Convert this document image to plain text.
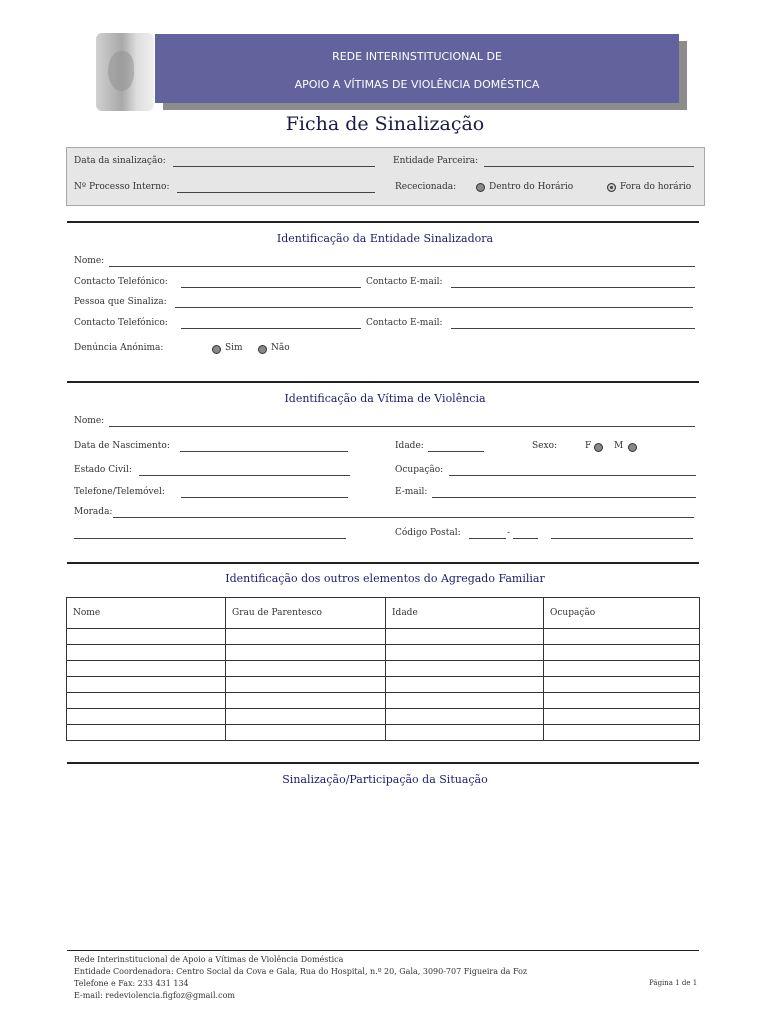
REDE INTERINSTITUCIONAL DE
APOIO A VÍTIMAS DE VIOLÊNCIA DOMÉSTICA
Ficha de Sinalização
Data da sinalização:	Entidade Parceira:
Nº Processo Interno:	Rececionada:	Dentro do Horário	Fora do horário
Identificação da Entidade Sinalizadora
Nome:
Contacto Telefónico:	Contacto E-mail:
Pessoa que Sinaliza:
Contacto Telefónico:	Contacto E-mail:
Denúncia Anónima:	Sim	Não
Identificação da Vítima de Violência
Nome:
Data de Nascimento:	Idade:	Sexo:	F	M
Estado Civil:	Ocupação:
Telefone/Telemóvel:	E-mail:
Morada:
Código Postal:	-
Identificação dos outros elementos do Agregado Familiar
Nome	Grau de Parentesco	Idade	Ocupação

Sinalização/Participação da Situação
Rede Interinstitucional de Apoio a Vítimas de Violência Doméstica
Entidade Coordenadora: Centro Social da Cova e Gala, Rua do Hospital, n.º 20, Gala, 3090-707 Figueira da Foz
Telefone e Fax: 233 431 134
E-mail: redeviolencia.figfoz@gmail.com
Página 1 de 1
